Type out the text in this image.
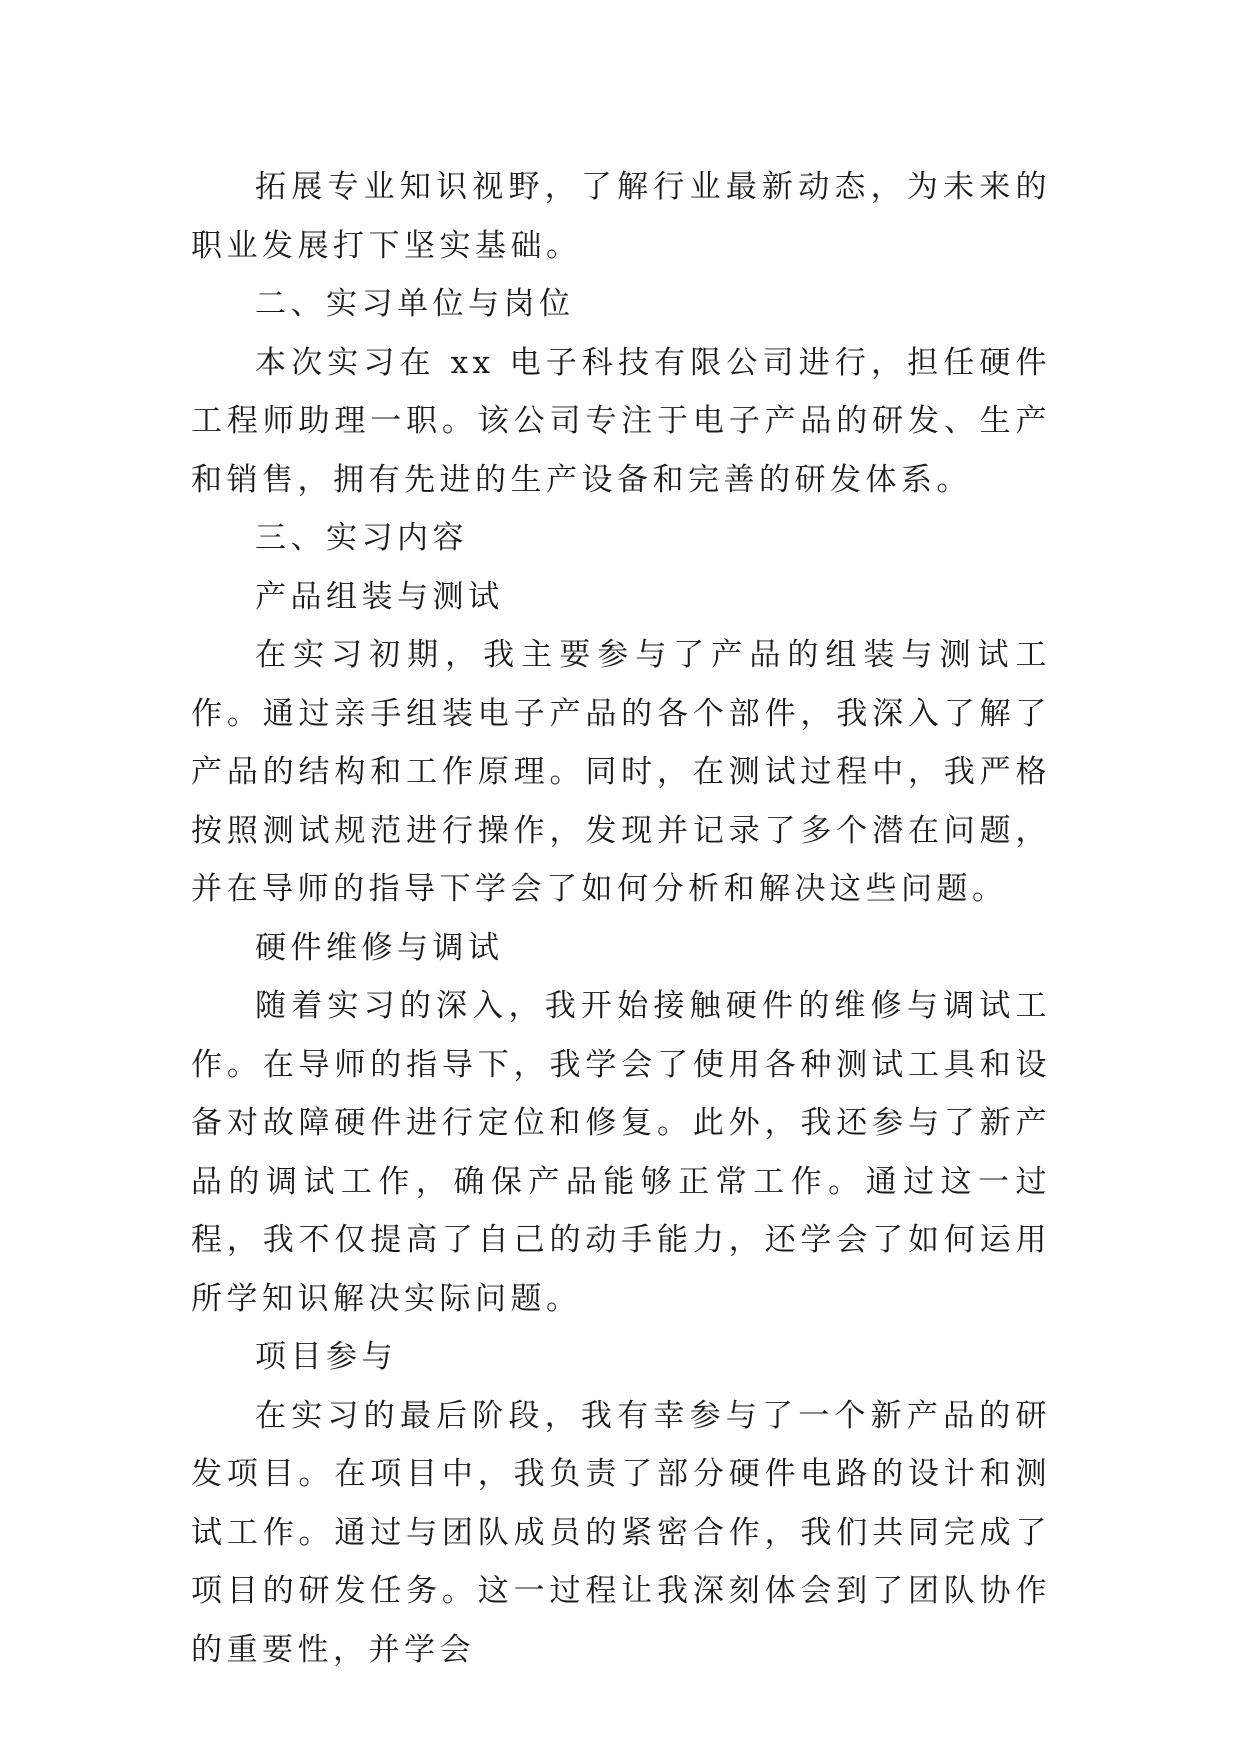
拓展专业知识视野，了解行业最新动态，为未来的职业发展打下坚实基础。

二、实习单位与岗位

本次实习在 xx 电子科技有限公司进行，担任硬件工程师助理一职。该公司专注于电子产品的研发、生产和销售，拥有先进的生产设备和完善的研发体系。

三、实习内容

产品组装与测试

在实习初期，我主要参与了产品的组装与测试工作。通过亲手组装电子产品的各个部件，我深入了解了产品的结构和工作原理。同时，在测试过程中，我严格按照测试规范进行操作，发现并记录了多个潜在问题，并在导师的指导下学会了如何分析和解决这些问题。

硬件维修与调试

随着实习的深入，我开始接触硬件的维修与调试工作。在导师的指导下，我学会了使用各种测试工具和设备对故障硬件进行定位和修复。此外，我还参与了新产品的调试工作，确保产品能够正常工作。通过这一过程，我不仅提高了自己的动手能力，还学会了如何运用所学知识解决实际问题。

项目参与

在实习的最后阶段，我有幸参与了一个新产品的研发项目。在项目中，我负责了部分硬件电路的设计和测试工作。通过与团队成员的紧密合作，我们共同完成了项目的研发任务。这一过程让我深刻体会到了团队协作的重要性，并学会
